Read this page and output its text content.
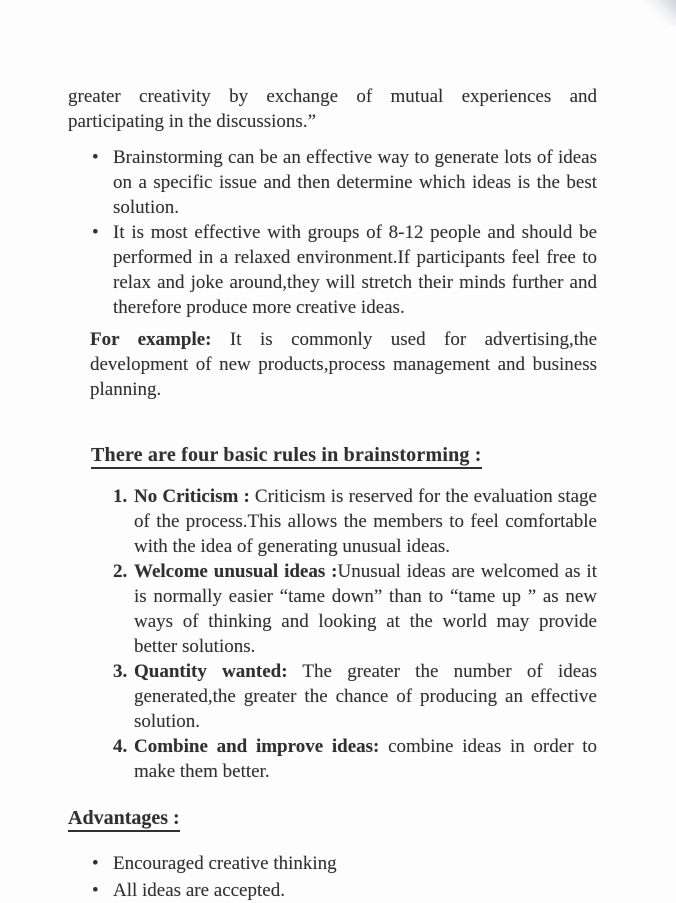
greater creativity by exchange of mutual experiences and participating in the discussions.”

• Brainstorming can be an effective way to generate lots of ideas on a specific issue and then determine which ideas is the best solution.
• It is most effective with groups of 8-12 people and should be performed in a relaxed environment.If participants feel free to relax and joke around,they will stretch their minds further and therefore produce more creative ideas.

For example: It is commonly used for advertising,the development of new products,process management and business planning.

There are four basic rules in brainstorming :
1. No Criticism : Criticism is reserved for the evaluation stage of the process.This allows the members to feel comfortable with the idea of generating unusual ideas.
2. Welcome unusual ideas :Unusual ideas are welcomed as it is normally easier “tame down” than to “tame up ” as new ways of thinking and looking at the world may provide better solutions.
3. Quantity wanted: The greater the number of ideas generated,the greater the chance of producing an effective solution.
4. Combine and improve ideas: combine ideas in order to make them better.
Advantages :
• Encouraged creative thinking
• All ideas are accepted.
